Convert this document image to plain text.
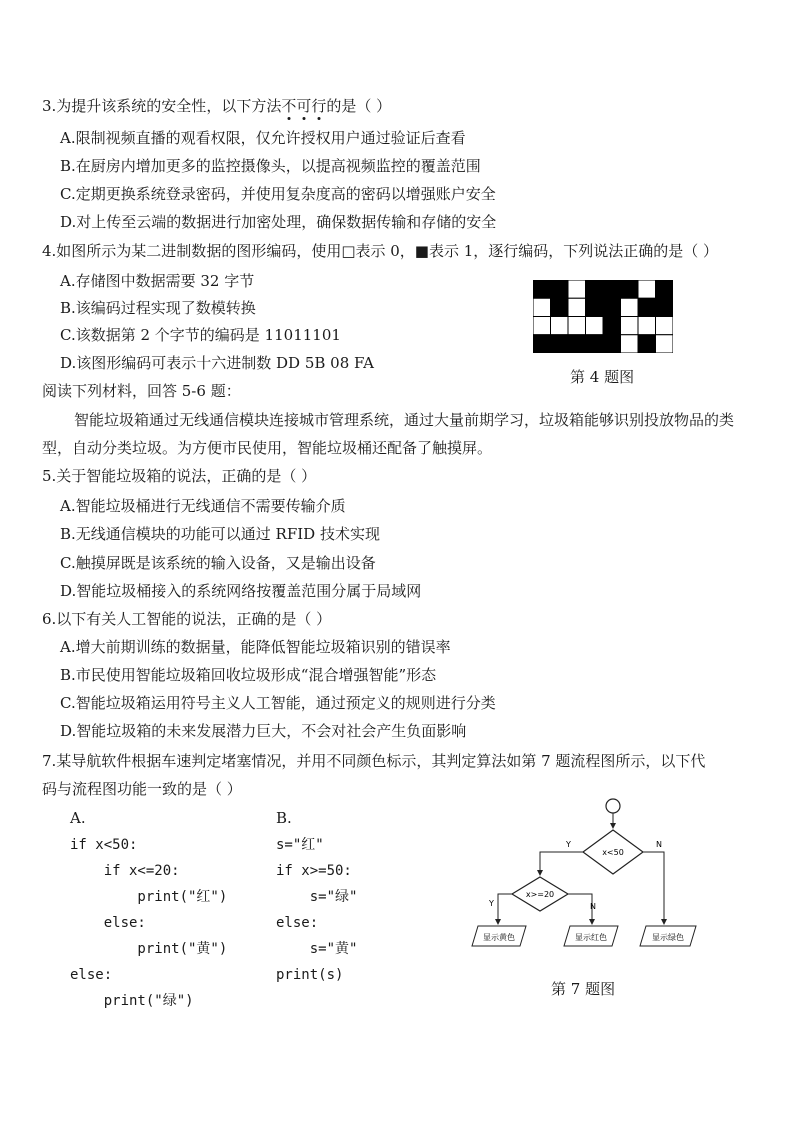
3.为提升该系统的安全性，以下方法不可行的是（ ）
A.限制视频直播的观看权限，仅允许授权用户通过验证后查看
B.在厨房内增加更多的监控摄像头，以提高视频监控的覆盖范围
C.定期更换系统登录密码，并使用复杂度高的密码以增强账户安全
D.对上传至云端的数据进行加密处理，确保数据传输和存储的安全
4.如图所示为某二进制数据的图形编码，使用□表示 0，■表示 1，逐行编码，下列说法正确的是（ ）
A.存储图中数据需要 32 字节
B.该编码过程实现了数模转换
C.该数据第 2 个字节的编码是 11011101
D.该图形编码可表示十六进制数 DD 5B 08 FA
第 4 题图
阅读下列材料，回答 5-6 题：
智能垃圾箱通过无线通信模块连接城市管理系统，通过大量前期学习，垃圾箱能够识别投放物品的类型，自动分类垃圾。为方便市民使用，智能垃圾桶还配备了触摸屏。
5.关于智能垃圾箱的说法，正确的是（ ）
A.智能垃圾桶进行无线通信不需要传输介质
B.无线通信模块的功能可以通过 RFID 技术实现
C.触摸屏既是该系统的输入设备，又是输出设备
D.智能垃圾桶接入的系统网络按覆盖范围分属于局域网
6.以下有关人工智能的说法，正确的是（ ）
A.增大前期训练的数据量，能降低智能垃圾箱识别的错误率
B.市民使用智能垃圾箱回收垃圾形成“混合增强智能”形态
C.智能垃圾箱运用符号主义人工智能，通过预定义的规则进行分类
D.智能垃圾箱的未来发展潜力巨大，不会对社会产生负面影响
7.某导航软件根据车速判定堵塞情况，并用不同颜色标示，其判定算法如第 7 题流程图所示，以下代
码与流程图功能一致的是（ ）
A.	B.
if x<50:
if x<=20:
print("红")
else:
print("黄")
else:
print("绿")
s="红"
if x>=50:
s="绿"
else:
s="黄"
print(s)
x<50
Y	N
x>=20
Y	N
显示黄色	显示红色	显示绿色
第 7 题图
